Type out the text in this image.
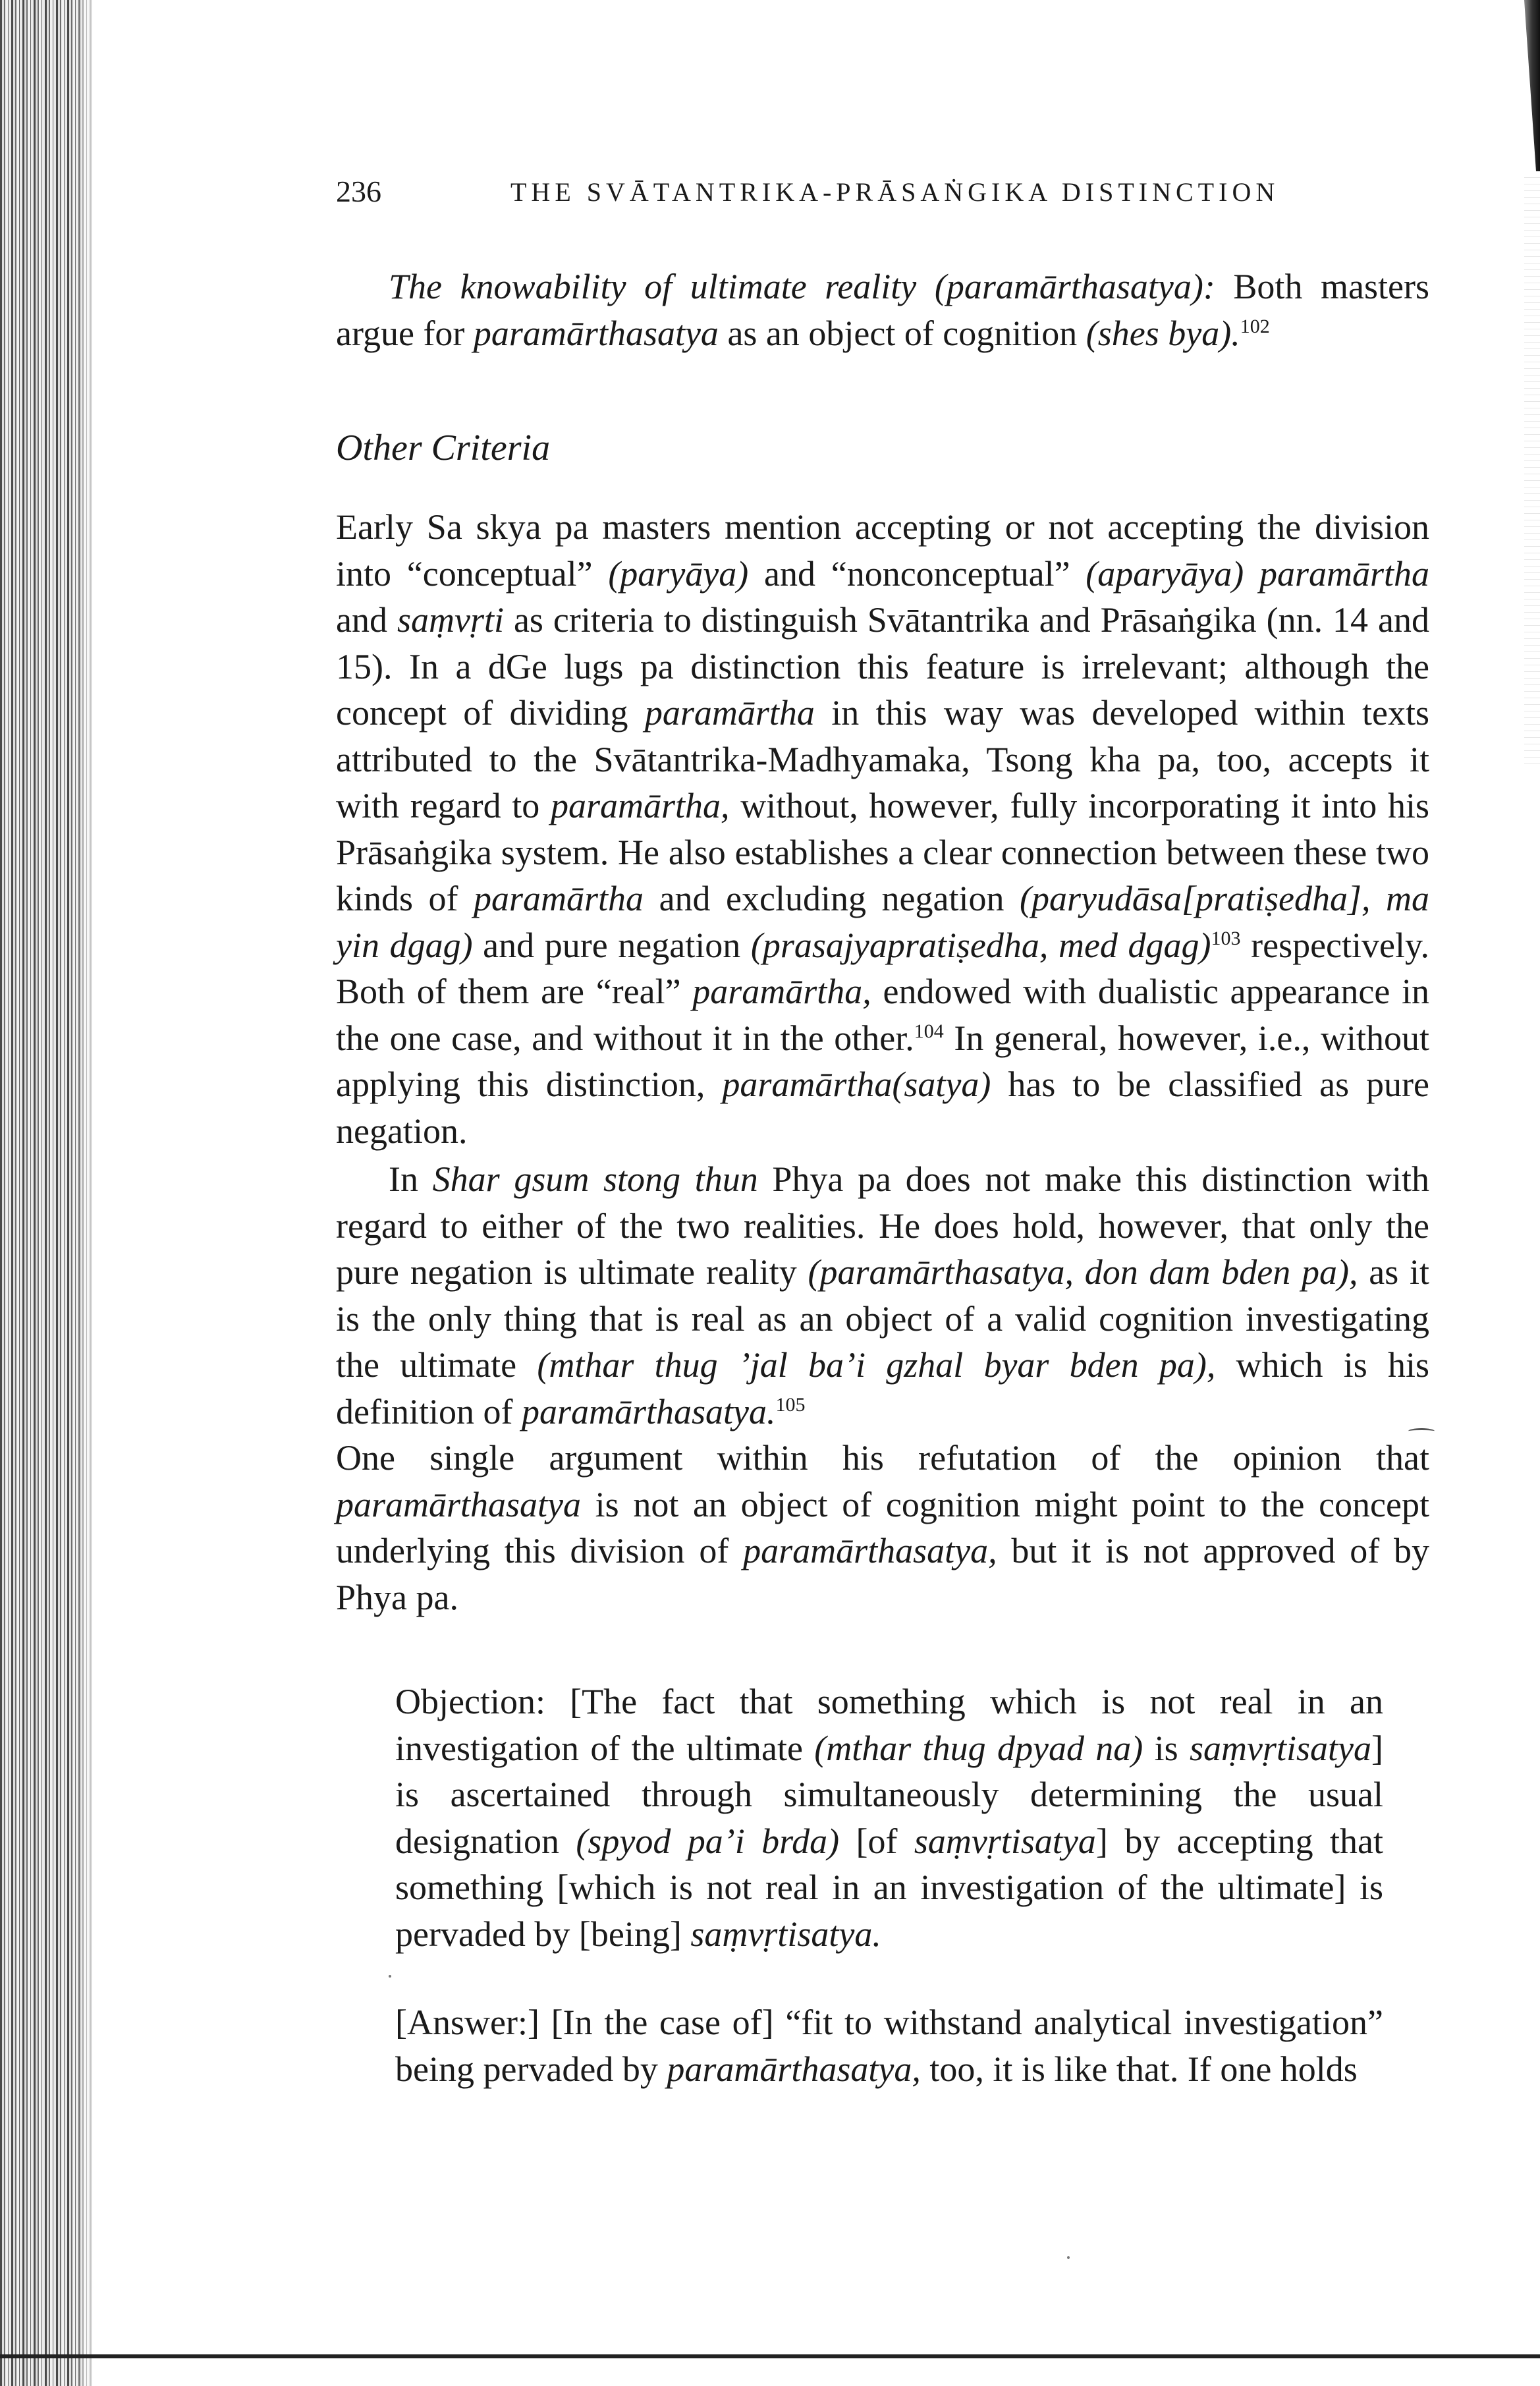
236	THE SVĀTANTRIKA-PRĀSAṄGIKA DISTINCTION

The knowability of ultimate reality (paramārthasatya): Both masters argue for paramārthasatya as an object of cognition (shes bya).$^{102}$

Other Criteria

Early Sa skya pa masters mention accepting or not accepting the division into “conceptual” (paryāya) and “nonconceptual” (aparyāya) paramārtha and saṃvṛti as criteria to distinguish Svātantrika and Prāsaṅgika (nn. 14 and 15). In a dGe lugs pa distinction this feature is irrelevant; although the concept of dividing paramārtha in this way was developed within texts attributed to the Svātantrika-Madhyamaka, Tsong kha pa, too, accepts it with regard to paramārtha, without, however, fully incorporating it into his Prāsaṅgika system. He also establishes a clear connection between these two kinds of paramārtha and excluding negation (paryudāsa[pratiṣedha], ma yin dgag) and pure negation (prasajyapratiṣedha, med dgag)$^{103}$ respectively. Both of them are “real” paramārtha, endowed with dualistic appearance in the one case, and without it in the other.$^{104}$ In general, however, i.e., without applying this distinction, paramārtha(satya) has to be classified as pure negation.

In Shar gsum stong thun Phya pa does not make this distinction with regard to either of the two realities. He does hold, however, that only the pure negation is ultimate reality (paramārthasatya, don dam bden pa), as it is the only thing that is real as an object of a valid cognition investigating the ultimate (mthar thug ’jal ba’i gzhal byar bden pa), which is his definition of paramārthasatya.$^{105}$

One single argument within his refutation of the opinion that paramārthasatya is not an object of cognition might point to the concept underlying this division of paramārthasatya, but it is not approved of by Phya pa.

Objection: [The fact that something which is not real in an investigation of the ultimate (mthar thug dpyad na) is saṃvṛtisatya] is ascertained through simultaneously determining the usual designation (spyod pa’i brda) [of saṃvṛtisatya] by accepting that something [which is not real in an investigation of the ultimate] is pervaded by [being] saṃvṛtisatya.

[Answer:] [In the case of] “fit to withstand analytical investigation” being pervaded by paramārthasatya, too, it is like that. If one holds
